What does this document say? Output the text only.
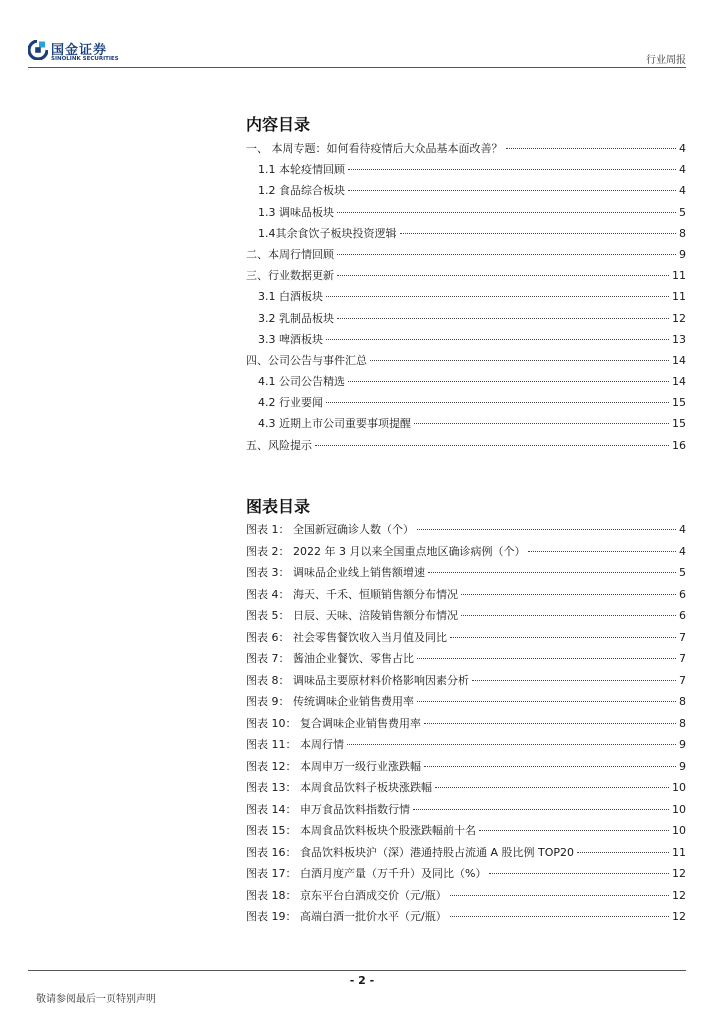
国金证券
SINOLINK SECURITIES	行业周报
内容目录
一、 本周专题：如何看待疫情后大众品基本面改善？	4
1.1 本轮疫情回顾	4
1.2 食品综合板块	4
1.3 调味品板块	5
1.4其余食饮子板块投资逻辑	8
二、本周行情回顾	9
三、行业数据更新	11
3.1 白酒板块	11
3.2 乳制品板块	12
3.3 啤酒板块	13
四、公司公告与事件汇总	14
4.1 公司公告精选	14
4.2 行业要闻	15
4.3 近期上市公司重要事项提醒	15
五、风险提示	16
图表目录
图表 1： 全国新冠确诊人数（个）	4
图表 2： 2022 年 3 月以来全国重点地区确诊病例（个）	4
图表 3： 调味品企业线上销售额增速	5
图表 4： 海天、千禾、恒顺销售额分布情况	6
图表 5： 日辰、天味、涪陵销售额分布情况	6
图表 6： 社会零售餐饮收入当月值及同比	7
图表 7： 酱油企业餐饮、零售占比	7
图表 8： 调味品主要原材料价格影响因素分析	7
图表 9： 传统调味企业销售费用率	8
图表 10： 复合调味企业销售费用率	8
图表 11： 本周行情	9
图表 12： 本周申万一级行业涨跌幅	9
图表 13： 本周食品饮料子板块涨跌幅	10
图表 14： 申万食品饮料指数行情	10
图表 15： 本周食品饮料板块个股涨跌幅前十名	10
图表 16： 食品饮料板块沪（深）港通持股占流通 A 股比例 TOP20	11
图表 17： 白酒月度产量（万千升）及同比（%）	12
图表 18： 京东平台白酒成交价（元/瓶）	12
图表 19： 高端白酒一批价水平（元/瓶）	12
- 2 -
敬请参阅最后一页特别声明
